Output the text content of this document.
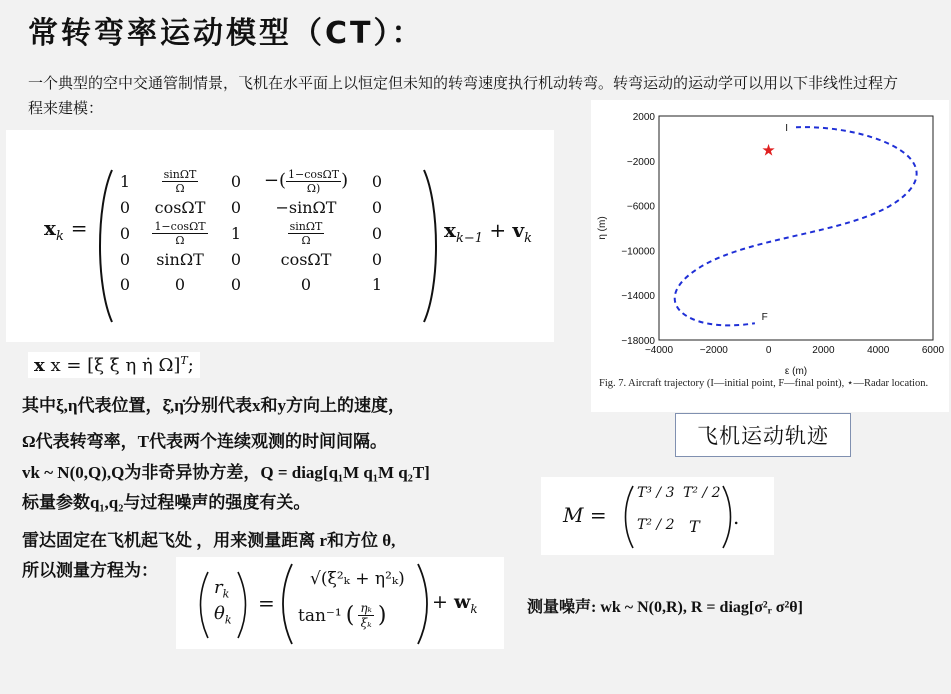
常转弯率运动模型（CT）：
一个典型的空中交通管制情景，飞机在水平面上以恒定但未知的转弯速度执行机动转弯。转弯运动的运动学可以用以下非线性过程方程来建模：
$x_k$ =
1	$\frac{\sin\Omega T}{\Omega}$	0	−( $\frac{1-\cos\Omega T}{\Omega)}$ )	0
0	cosΩT	0	−sinΩT	0
0	$\frac{1-\cos\Omega T}{\Omega}$	1	$\frac{\sin\Omega T}{\Omega}$	0
0	sinΩT	0	cosΩT	0
0	0	0	0	1
$x_{k-1} + v_k$
x x = [ξ ξ̇ η η̇ Ω]$^T$;
其中ξ,η代表位置，ξ̇,η̇分别代表x和y方向上的速度，
Ω代表转弯率，T代表两个连续观测的时间间隔。
vk ~ N(0,Q),Q为非奇异协方差，Q = diag[q₁M q₁M q₂T]
标量参数q₁,q₂与过程噪声的强度有关。
雷达固定在飞机起飞处 ，用来测量距离 r和方位 θ,
所以测量方程为：
M =
T³ / 3 T² / 2
T² / 2 T .
$r_k$
$\theta_k$
=
√(ξ²ₖ + η²ₖ)
tan⁻¹ ( $\frac{\text{ηₖ}}{\text{ξₖ}}$ )
+ $w_k$	测量噪声: wk ~ N(0,R), R = diag[σ²ᵣ σ²θ]
η (m)
ε (m)
−4000	−2000	0	2000	4000	6000
2000
−2000
−6000
−10000
−14000
−18000
I
F
★
Fig. 7. Aircraft trajectory (I—initial point, F—final point), ⋆—Radar location.
飞机运动轨迹
